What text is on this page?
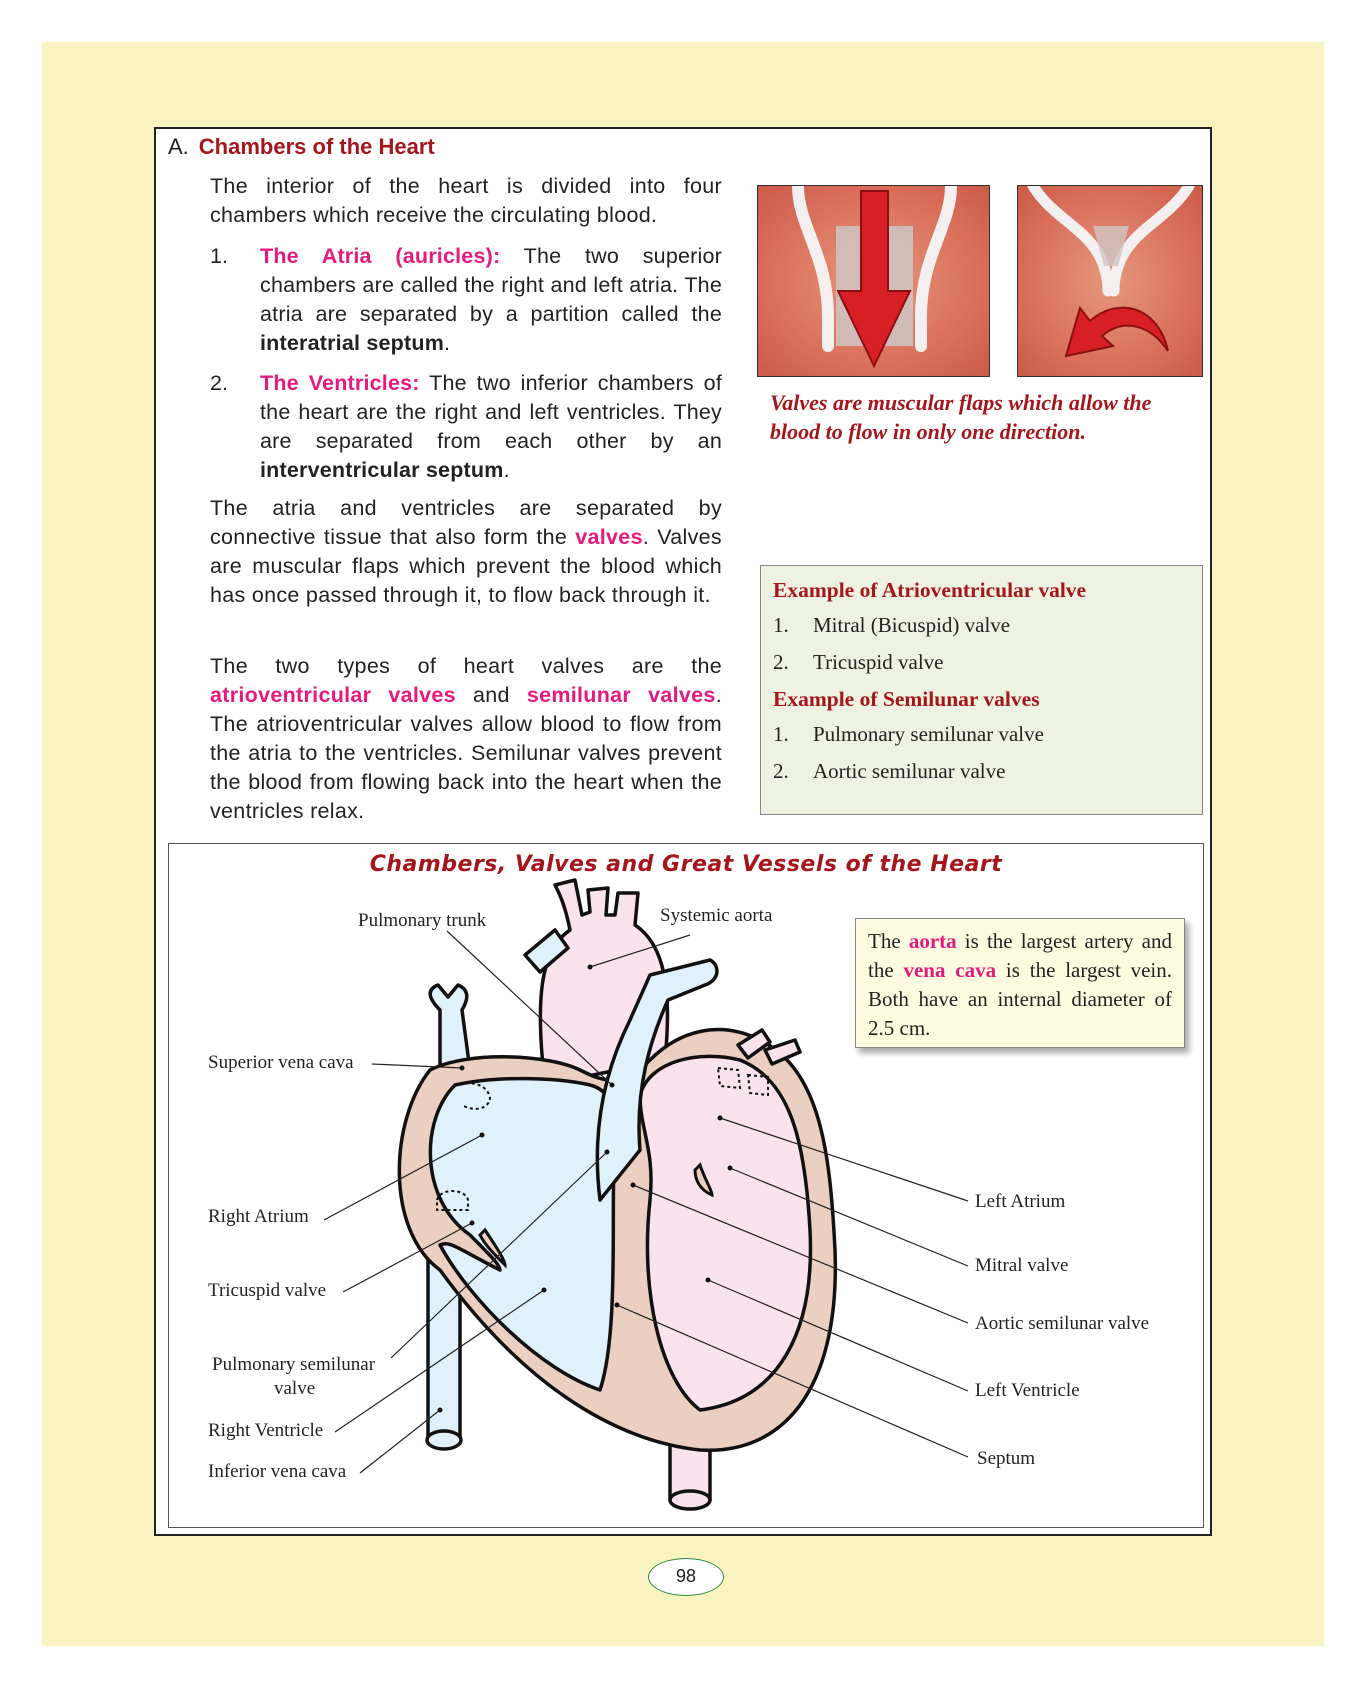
A. Chambers of the Heart
The interior of the heart is divided into four chambers which receive the circulating blood.
1.	The Atria (auricles): The two superior chambers are called the right and left atria. The atria are separated by a partition called the interatrial septum.
2.	The Ventricles: The two inferior chambers of the heart are the right and left ventricles. They are separated from each other by an interventricular septum.
The atria and ventricles are separated by connective tissue that also form the valves. Valves are muscular flaps which prevent the blood which has once passed through it, to flow back through it.
The two types of heart valves are the atrioventricular valves and semilunar valves. The atrioventricular valves allow blood to flow from the atria to the ventricles. Semilunar valves prevent the blood from flowing back into the heart when the ventricles relax.
Valves are muscular flaps which allow the blood to flow in only one direction.
Example of Atrioventricular valve
1. Mitral (Bicuspid) valve
2. Tricuspid valve
Example of Semilunar valves
1. Pulmonary semilunar valve
2. Aortic semilunar valve
Chambers, Valves and Great Vessels of the Heart
Pulmonary trunk	Systemic aorta
Superior vena cava
Right Atrium
Tricuspid valve
Pulmonary semilunar
valve
Right Ventricle
Inferior vena cava
Left Atrium
Mitral valve
Aortic semilunar valve
Left Ventricle
Septum
The aorta is the largest artery and the vena cava is the largest vein. Both have an internal diameter of 2.5 cm.
98
